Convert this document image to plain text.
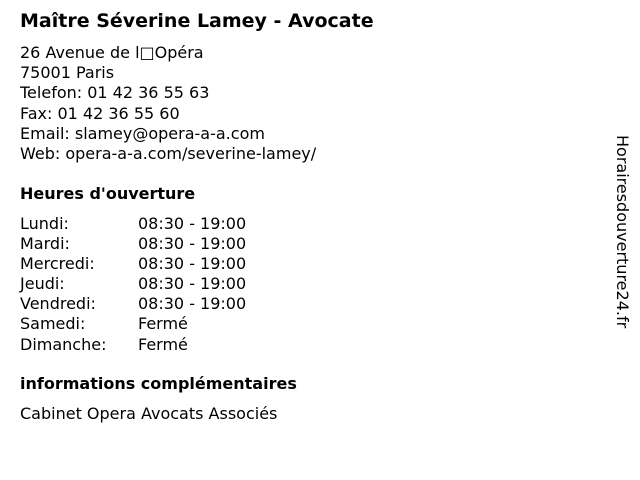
Maître Séverine Lamey - Avocate
26 Avenue de l□Opéra
75001 Paris
Telefon: 01 42 36 55 63
Fax: 01 42 36 55 60
Email: slamey@opera-a-a.com
Web: opera-a-a.com/severine-lamey/
Heures d'ouverture
Lundi:	08:30 - 19:00
Mardi:	08:30 - 19:00
Mercredi:	08:30 - 19:00
Jeudi:	08:30 - 19:00
Vendredi:	08:30 - 19:00
Samedi:	Fermé
Dimanche:	Fermé
informations complémentaires
Cabinet Opera Avocats Associés
Horairesdouverture24.fr
